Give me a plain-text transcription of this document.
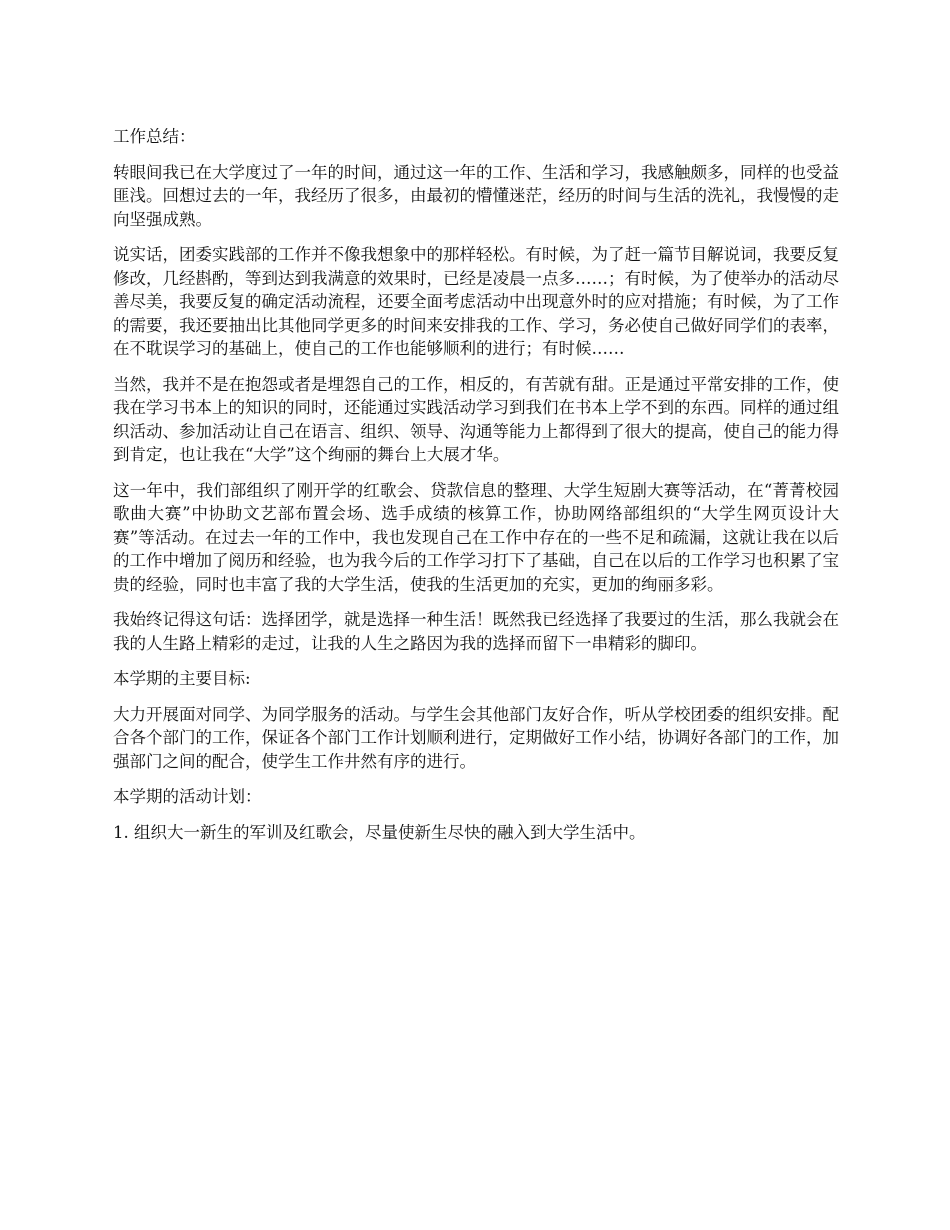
工作总结：

转眼间我已在大学度过了一年的时间，通过这一年的工作、生活和学习，我感触颇多，同样的也受益匪浅。回想过去的一年，我经历了很多，由最初的懵懂迷茫，经历的时间与生活的洗礼，我慢慢的走向坚强成熟。

说实话，团委实践部的工作并不像我想象中的那样轻松。有时候，为了赶一篇节目解说词，我要反复修改，几经斟酌，等到达到我满意的效果时，已经是凌晨一点多……；有时候，为了使举办的活动尽善尽美，我要反复的确定活动流程，还要全面考虑活动中出现意外时的应对措施；有时候，为了工作的需要，我还要抽出比其他同学更多的时间来安排我的工作、学习，务必使自己做好同学们的表率，在不耽误学习的基础上，使自己的工作也能够顺利的进行；有时候……

当然，我并不是在抱怨或者是埋怨自己的工作，相反的，有苦就有甜。正是通过平常安排的工作，使我在学习书本上的知识的同时，还能通过实践活动学习到我们在书本上学不到的东西。同样的通过组织活动、参加活动让自己在语言、组织、领导、沟通等能力上都得到了很大的提高，使自己的能力得到肯定，也让我在“大学”这个绚丽的舞台上大展才华。

这一年中，我们部组织了刚开学的红歌会、贷款信息的整理、大学生短剧大赛等活动，在“菁菁校园歌曲大赛”中协助文艺部布置会场、选手成绩的核算工作，协助网络部组织的“大学生网页设计大赛”等活动。在过去一年的工作中，我也发现自己在工作中存在的一些不足和疏漏，这就让我在以后的工作中增加了阅历和经验，也为我今后的工作学习打下了基础，自己在以后的工作学习也积累了宝贵的经验，同时也丰富了我的大学生活，使我的生活更加的充实，更加的绚丽多彩。

我始终记得这句话：选择团学，就是选择一种生活！既然我已经选择了我要过的生活，那么我就会在我的人生路上精彩的走过，让我的人生之路因为我的选择而留下一串精彩的脚印。

本学期的主要目标:

大力开展面对同学、为同学服务的活动。与学生会其他部门友好合作，听从学校团委的组织安排。配合各个部门的工作，保证各个部门工作计划顺利进行，定期做好工作小结，协调好各部门的工作，加强部门之间的配合，使学生工作井然有序的进行。

本学期的活动计划：

1. 组织大一新生的军训及红歌会，尽量使新生尽快的融入到大学生活中。
